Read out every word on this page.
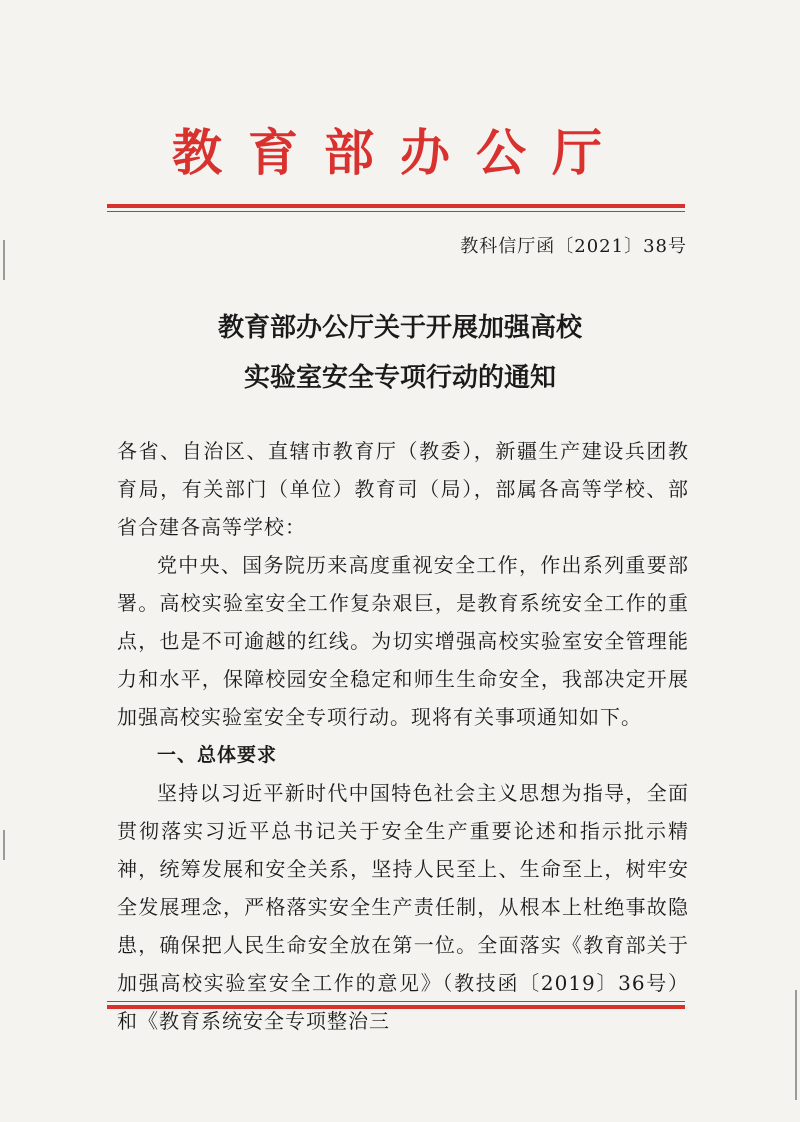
教育部办公厅
教科信厅函〔2021〕38号
教育部办公厅关于开展加强高校
实验室安全专项行动的通知

各省、自治区、直辖市教育厅（教委），新疆生产建设兵团教育局，有关部门（单位）教育司（局），部属各高等学校、部省合建各高等学校：

党中央、国务院历来高度重视安全工作，作出系列重要部署。高校实验室安全工作复杂艰巨，是教育系统安全工作的重点，也是不可逾越的红线。为切实增强高校实验室安全管理能力和水平，保障校园安全稳定和师生生命安全，我部决定开展加强高校实验室安全专项行动。现将有关事项通知如下。

一、总体要求

坚持以习近平新时代中国特色社会主义思想为指导，全面贯彻落实习近平总书记关于安全生产重要论述和指示批示精神，统筹发展和安全关系，坚持人民至上、生命至上，树牢安全发展理念，严格落实安全生产责任制，从根本上杜绝事故隐患，确保把人民生命安全放在第一位。全面落实《教育部关于加强高校实验室安全工作的意见》（教技函〔2019〕36号）和《教育系统安全专项整治三
